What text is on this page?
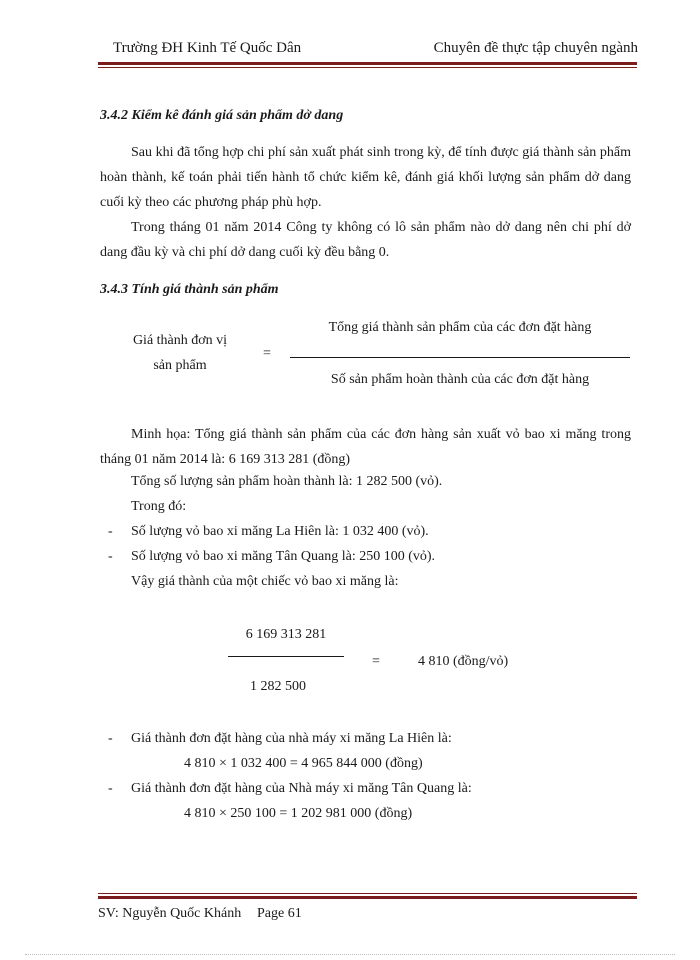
Trường ĐH Kinh Tế Quốc Dân	Chuyên đề thực tập chuyên ngành
3.4.2 Kiểm kê đánh giá sản phẩm dở dang
Sau khi đã tổng hợp chi phí sản xuất phát sinh trong kỳ, để tính được giá thành sản phẩm hoàn thành, kế toán phải tiến hành tổ chức kiểm kê, đánh giá khối lượng sản phẩm dở dang cuối kỳ theo các phương pháp phù hợp.
Trong tháng 01 năm 2014 Công ty không có lô sản phẩm nào dở dang nên chi phí dở dang đầu kỳ và chi phí dở dang cuối kỳ đều bằng 0.
3.4.3 Tính giá thành sản phẩm
Giá thành đơn vị
sản phẩm
=
Tổng giá thành sản phẩm của các đơn đặt hàng
Số sản phẩm hoàn thành của các đơn đặt hàng
Minh họa: Tổng giá thành sản phẩm của các đơn hàng sản xuất vỏ bao xi măng trong tháng 01 năm 2014 là: 6 169 313 281 (đồng)
Tổng số lượng sản phẩm hoàn thành là: 1 282 500 (vỏ).
Trong đó:
- Số lượng vỏ bao xi măng La Hiên là: 1 032 400 (vỏ).
- Số lượng vỏ bao xi măng Tân Quang là: 250 100 (vỏ).
Vậy giá thành của một chiếc vỏ bao xi măng là:
6 169 313 281
1 282 500
=	4 810 (đồng/vỏ)
- Giá thành đơn đặt hàng của nhà máy xi măng La Hiên là:
4 810 × 1 032 400 = 4 965 844 000 (đồng)
- Giá thành đơn đặt hàng của Nhà máy xi măng Tân Quang là:
4 810 × 250 100 = 1 202 981 000 (đồng)
SV: Nguyễn Quốc Khánh Page 61
